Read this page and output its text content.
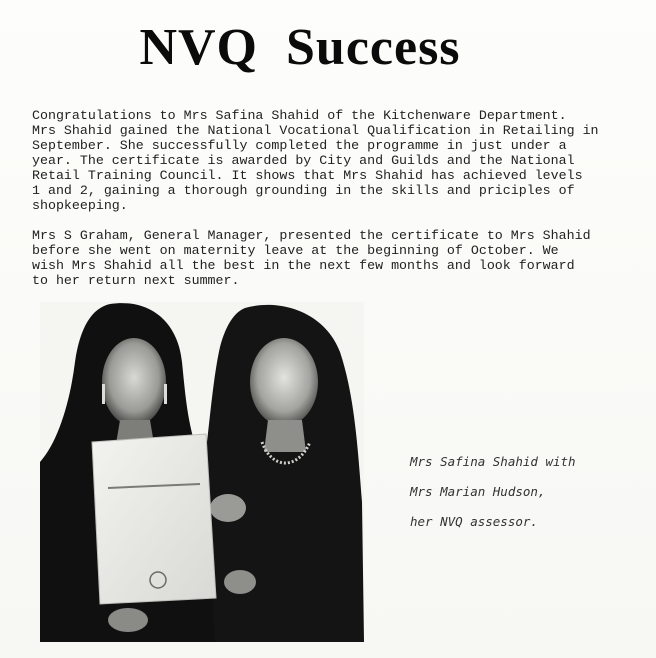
NVQ Success

Congratulations to Mrs Safina Shahid of the Kitchenware Department.
Mrs Shahid gained the National Vocational Qualification in Retailing in
September. She successfully completed the programme in just under a
year. The certificate is awarded by City and Guilds and the National
Retail Training Council. It shows that Mrs Shahid has achieved levels
1 and 2, gaining a thorough grounding in the skills and priciples of
shopkeeping.

Mrs S Graham, General Manager, presented the certificate to Mrs Shahid
before she went on maternity leave at the beginning of October. We
wish Mrs Shahid all the best in the next few months and look forward
to her return next summer.

Mrs Safina Shahid with
Mrs Marian Hudson,
her NVQ assessor.
